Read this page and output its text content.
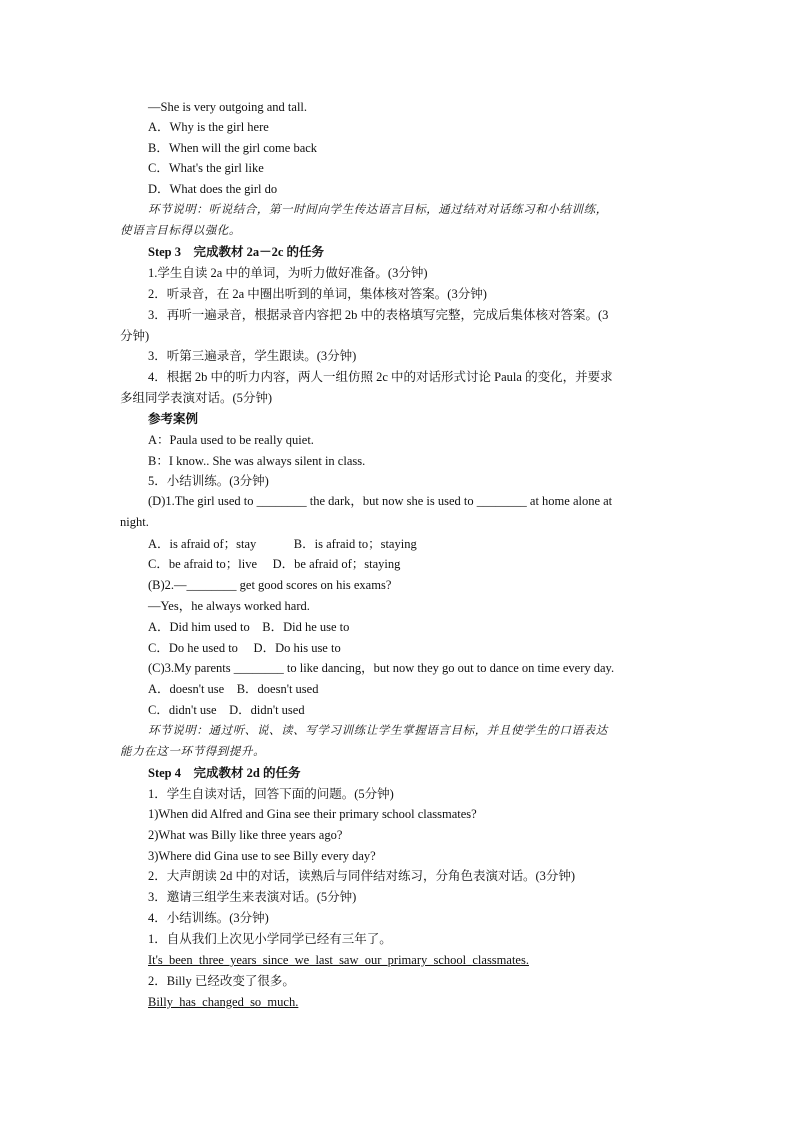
—She is very outgoing and tall.
A．Why is the girl here
B．When will the girl come back
C．What's the girl like
D．What does the girl do
环节说明：听说结合，第一时间向学生传达语言目标，通过结对对话练习和小结训练，
使语言目标得以强化。
Step 3　完成教材 2a－2c 的任务
1.学生自读 2a 中的单词，为听力做好准备。(3分钟)
2．听录音，在 2a 中圈出听到的单词，集体核对答案。(3分钟)
3．再听一遍录音，根据录音内容把 2b 中的表格填写完整，完成后集体核对答案。(3
分钟)
3．听第三遍录音，学生跟读。(3分钟)
4．根据 2b 中的听力内容，两人一组仿照 2c 中的对话形式讨论 Paula 的变化，并要求
多组同学表演对话。(5分钟)
参考案例
A：Paula used to be really quiet.
B：I know.. She was always silent in class.
5．小结训练。(3分钟)
(D)1.The girl used to ________ the dark，but now she is used to ________ at home alone at
night.
A．is afraid of；stay　　　B．is afraid to；staying
C．be afraid to；live　 D．be afraid of；staying
(B)2.—________ get good scores on his exams?
—Yes，he always worked hard.
A．Did him used to　B．Did he use to
C．Do he used to　 D．Do his use to
(C)3.My parents ________ to like dancing，but now they go out to dance on time every day.
A．doesn't use　B．doesn't used
C．didn't use　D．didn't used
环节说明：通过听、说、读、写学习训练让学生掌握语言目标，并且使学生的口语表达
能力在这一环节得到提升。
Step 4　完成教材 2d 的任务
1．学生自读对话，回答下面的问题。(5分钟)
1)When did Alfred and Gina see their primary school classmates?
2)What was Billy like three years ago?
3)Where did Gina use to see Billy every day?
2．大声朗读 2d 中的对话，读熟后与同伴结对练习，分角色表演对话。(3分钟)
3．邀请三组学生来表演对话。(5分钟)
4．小结训练。(3分钟)
1．自从我们上次见小学同学已经有三年了。
It's_been_three_years_since_we_last_saw_our_primary_school_classmates.
2．Billy 已经改变了很多。
Billy_has_changed_so_much.
